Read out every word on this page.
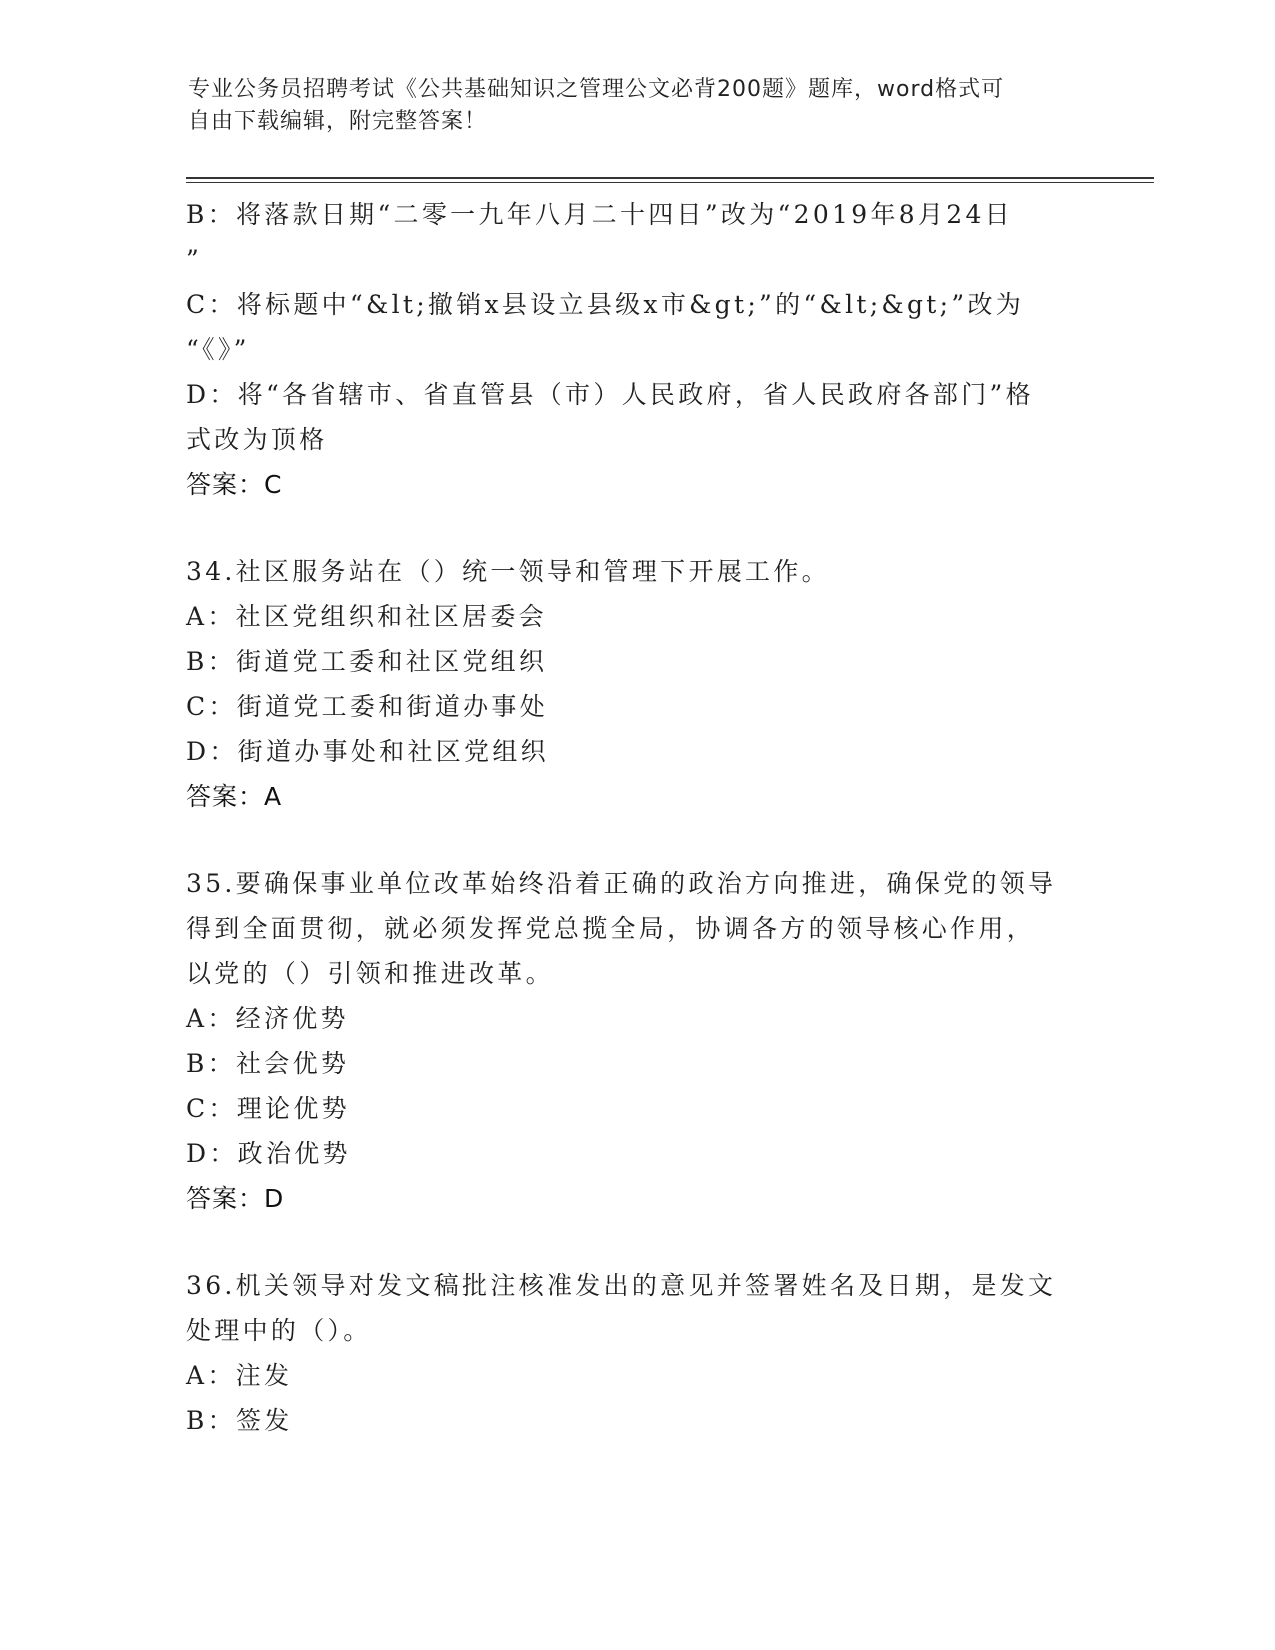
专业公务员招聘考试《公共基础知识之管理公文必背200题》题库，word格式可
自由下载编辑，附完整答案！
B：将落款日期“二零一九年八月二十四日”改为“2019年8月24日
”
C：将标题中“&lt;撤销x县设立县级x市&gt;”的“&lt;&gt;”改为
“《》”
D：将“各省辖市、省直管县（市）人民政府，省人民政府各部门”格
式改为顶格
答案：C
34.社区服务站在（）统一领导和管理下开展工作。
A：社区党组织和社区居委会
B：街道党工委和社区党组织
C：街道党工委和街道办事处
D：街道办事处和社区党组织
答案：A
35.要确保事业单位改革始终沿着正确的政治方向推进，确保党的领导
得到全面贯彻，就必须发挥党总揽全局，协调各方的领导核心作用，
以党的（）引领和推进改革。
A：经济优势
B：社会优势
C：理论优势
D：政治优势
答案：D
36.机关领导对发文稿批注核准发出的意见并签署姓名及日期，是发文
处理中的（）。
A：注发
B：签发
